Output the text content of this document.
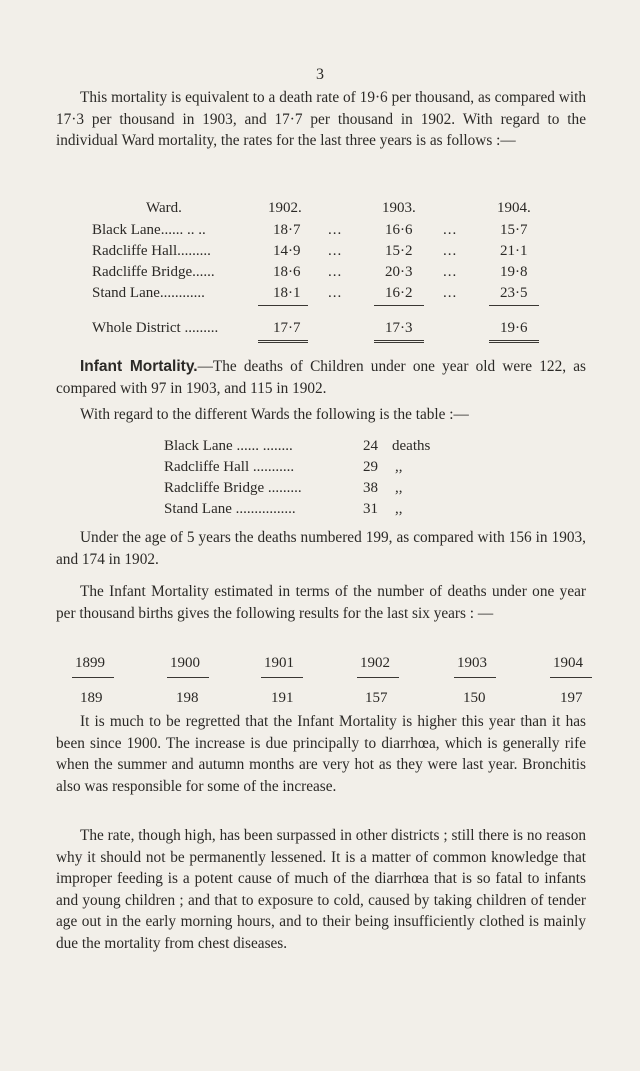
3

This mortality is equivalent to a death rate of 19·6 per thousand, as compared with 17·3 per thousand in 1903, and 17·7 per thousand in 1902. With regard to the individual Ward mortality, the rates for the last three years is as follows :—

Ward.	1902.	1903.	1904.
Black Lane...... .. ..	18·7 ...	16·6 ...	15·7
Radcliffe Hall.........	14·9 ...	15·2 ...	21·1
Radcliffe Bridge......	18·6 ...	20·3 ...	19·8
Stand Lane............	18·1 ...	16·2 ...	23·5
Whole District .........	17·7	17·3	19·6

Infant Mortality.—The deaths of Children under one year old were 122, as compared with 97 in 1903, and 115 in 1902.

With regard to the different Wards the following is the table :—

Black Lane ...... ........	24 deaths
Radcliffe Hall ...........	29 ,,
Radcliffe Bridge .........	38 ,,
Stand Lane ................	31 ,,

Under the age of 5 years the deaths numbered 199, as compared with 156 in 1903, and 174 in 1902.

The Infant Mortality estimated in terms of the number of deaths under one year per thousand births gives the following results for the last six years : —

1899	1900	1901	1902	1903	1904
189	198	191	157	150	197

It is much to be regretted that the Infant Mortality is higher this year than it has been since 1900. The increase is due principally to diarrhœa, which is generally rife when the summer and autumn months are very hot as they were last year. Bronchitis also was responsible for some of the increase.

The rate, though high, has been surpassed in other districts ; still there is no reason why it should not be permanently lessened. It is a matter of common knowledge that improper feeding is a potent cause of much of the diarrhœa that is so fatal to infants and young children ; and that to exposure to cold, caused by taking children of tender age out in the early morning hours, and to their being insufficiently clothed is mainly due the mortality from chest diseases.
